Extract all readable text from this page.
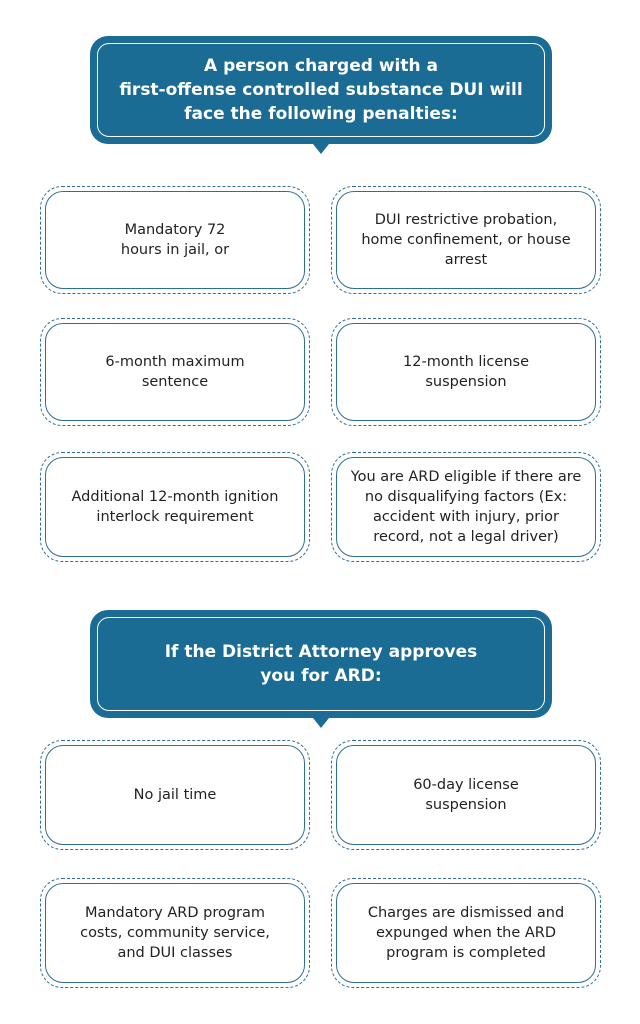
A person charged with a
first-offense controlled substance DUI will
face the following penalties:
Mandatory 72
hours in jail, or
DUI restrictive probation,
home confinement, or house
arrest
6-month maximum
sentence
12-month license
suspension
Additional 12-month ignition
interlock requirement
You are ARD eligible if there are
no disqualifying factors (Ex:
accident with injury, prior
record, not a legal driver)
If the District Attorney approves
you for ARD:
No jail time
60-day license
suspension
Mandatory ARD program
costs, community service,
and DUI classes
Charges are dismissed and
expunged when the ARD
program is completed
